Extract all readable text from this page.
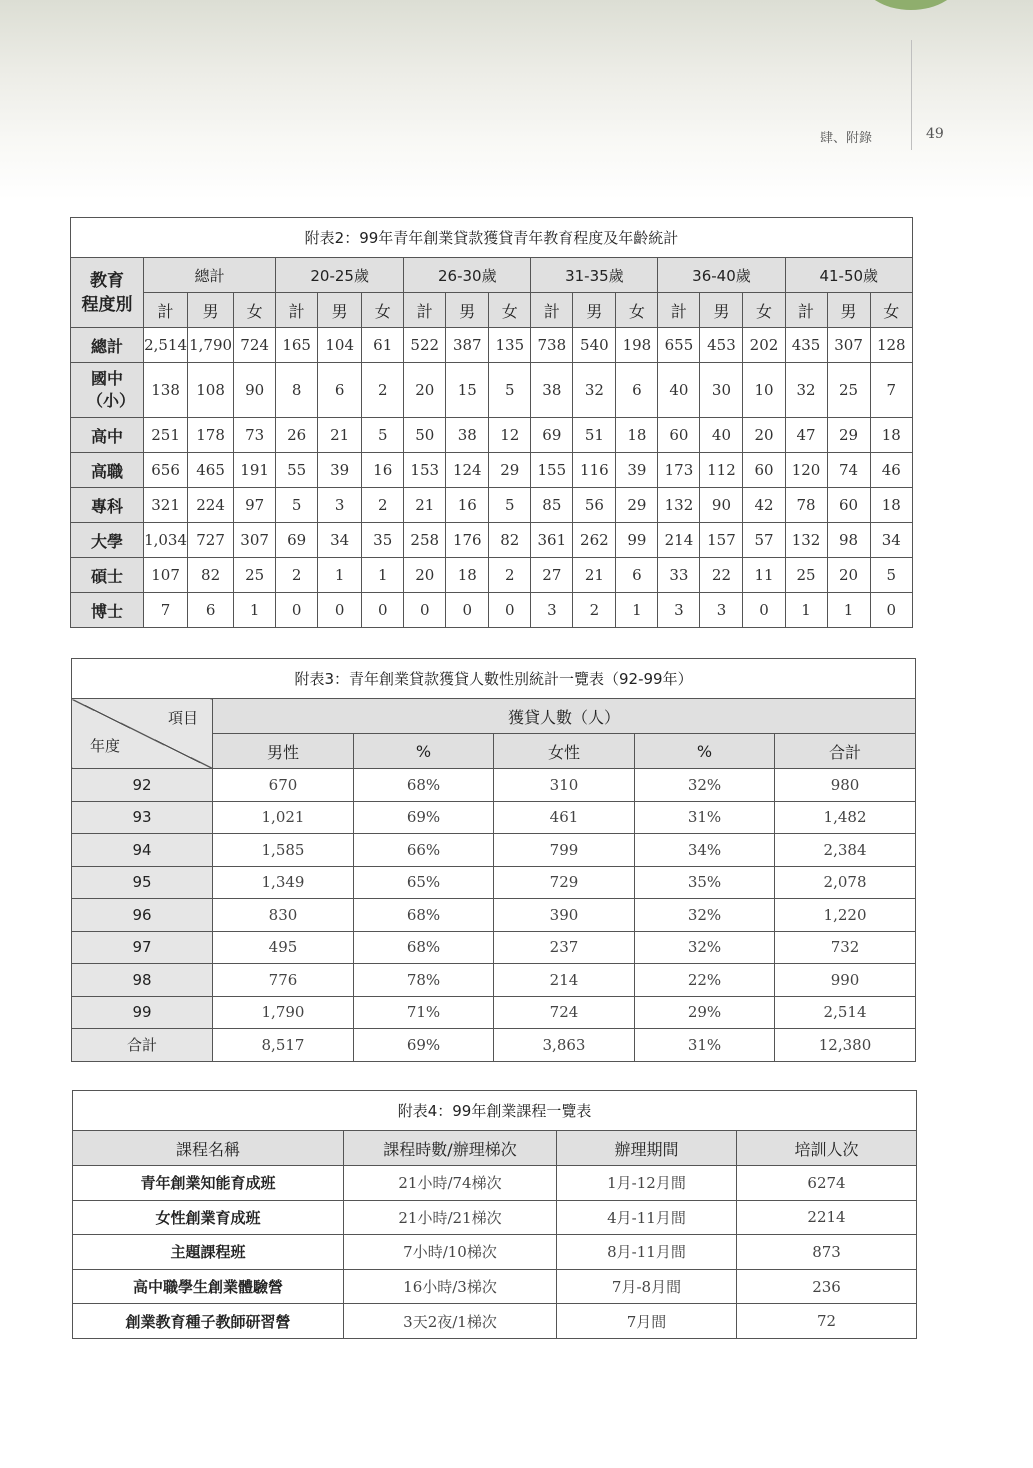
肆、附錄	49
附表2：99年青年創業貸款獲貸青年教育程度及年齡統計																		
教育
程度別	總計			20-25歲			26-30歲			31-35歲			36-40歲			41-50歲		
	計	男	女	計	男	女	計	男	女	計	男	女	計	男	女	計	男	女
總計	2,514	1,790	724	165	104	61	522	387	135	738	540	198	655	453	202	435	307	128
國中（小）	138	108	90	8	6	2	20	15	5	38	32	6	40	30	10	32	25	7
高中	251	178	73	26	21	5	50	38	12	69	51	18	60	40	20	47	29	18
高職	656	465	191	55	39	16	153	124	29	155	116	39	173	112	60	120	74	46
專科	321	224	97	5	3	2	21	16	5	85	56	29	132	90	42	78	60	18
大學	1,034	727	307	69	34	35	258	176	82	361	262	99	214	157	57	132	98	34
碩士	107	82	25	2	1	1	20	18	2	27	21	6	33	22	11	25	20	5
博士	7	6	1	0	0	0	0	0	0	3	2	1	3	3	0	1	1	0
附表3：青年創業貸款獲貸人數性別統計一覽表（92-99年）					

項目
年度	獲貸人數（人）				
	男性	%	女性	%	合計
92	670	68%	310	32%	980
93	1,021	69%	461	31%	1,482
94	1,585	66%	799	34%	2,384
95	1,349	65%	729	35%	2,078
96	830	68%	390	32%	1,220
97	495	68%	237	32%	732
98	776	78%	214	22%	990
99	1,790	71%	724	29%	2,514
合計	8,517	69%	3,863	31%	12,380
附表4：99年創業課程一覽表			
課程名稱	課程時數/辦理梯次	辦理期間	培訓人次
青年創業知能育成班	21小時/74梯次	1月-12月間	6274
女性創業育成班	21小時/21梯次	4月-11月間	2214
主題課程班	7小時/10梯次	8月-11月間	873
高中職學生創業體驗營	16小時/3梯次	7月-8月間	236
創業教育種子教師研習營	3天2夜/1梯次	7月間	72
